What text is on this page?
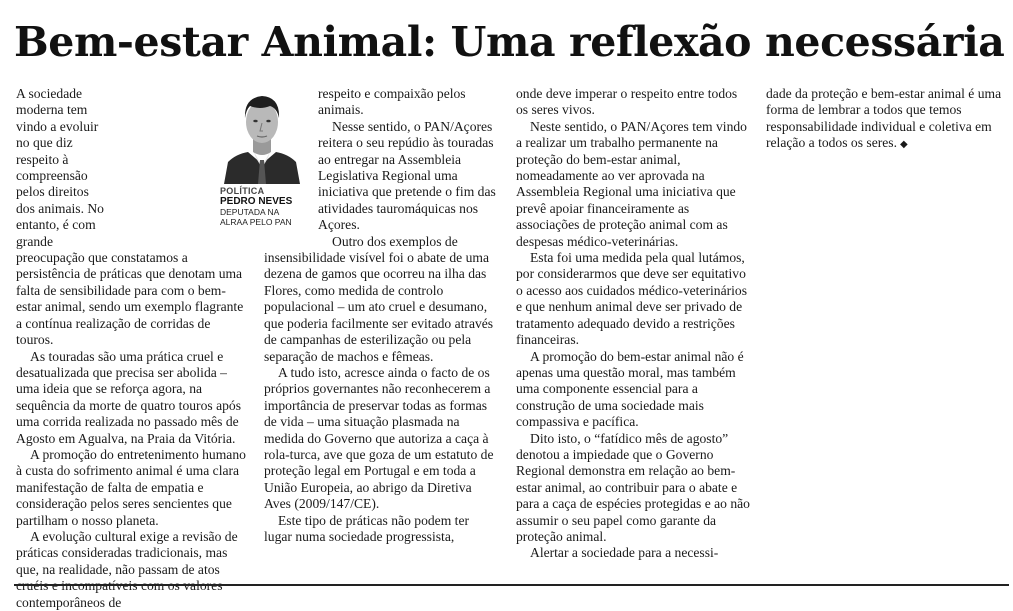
Bem-estar Animal: Uma reflexão necessária

A sociedade moderna tem vindo a evoluir no que diz respeito à compreensão pelos direitos dos animais. No entanto, é com grande preocupação que constatamos a persistência de práticas que denotam uma falta de sensibilidade para com o bem-estar animal, sendo um exemplo flagrante a contínua realização de corridas de touros.

As touradas são uma prática cruel e desatualizada que precisa ser abolida – uma ideia que se reforça agora, na sequência da morte de quatro touros após uma corrida realizada no passado mês de Agosto em Agualva, na Praia da Vitória.

A promoção do entretenimento humano à custa do sofrimento animal é uma clara manifestação de falta de empatia e consideração pelos seres sencientes que partilham o nosso planeta.

A evolução cultural exige a revisão de práticas consideradas tradicionais, mas que, na realidade, não passam de atos contemporâneos de

respeito e compaixão pelos animais.

Nesse sentido, o PAN/Açores reitera o seu repúdio às touradas ao entregar na Assembleia Legislativa Regional uma iniciativa que pretende o fim das atividades tauromáquicas nos Açores.

Outro dos exemplos de insensibilidade visível foi o abate de uma dezena de gamos que ocorreu na ilha das Flores, como medida de controlo populacional – um ato cruel e desumano, que poderia facilmente ser evitado através de campanhas de esterilização ou pela separação de machos e fêmeas.

A tudo isto, acresce ainda o facto de os próprios governantes não reconhecerem a importância de preservar todas as formas de vida – uma situação plasmada na medida do Governo que autoriza a caça à rola-turca, ave que goza de um estatuto de proteção legal em Portugal e em toda a União Europeia, ao abrigo da Diretiva Aves (2009/147/CE).

Este tipo de práticas não podem ter lugar numa sociedade progressista,

onde deve imperar o respeito entre todos os seres vivos.

Neste sentido, o PAN/Açores tem vindo a realizar um trabalho permanente na proteção do bem-estar animal, nomeadamente ao ver aprovada na Assembleia Regional uma iniciativa que prevê apoiar financeiramente as associações de proteção animal com as despesas médico-veterinárias.

Esta foi uma medida pela qual lutámos, por considerarmos que deve ser equitativo o acesso aos cuidados médico-veterinários e que nenhum animal deve ser privado de tratamento adequado devido a restrições financeiras.

A promoção do bem-estar animal não é apenas uma questão moral, mas também uma componente essencial para a construção de uma sociedade mais compassiva e pacífica.

Dito isto, o “fatídico mês de agosto” denotou a impiedade que o Governo Regional demonstra em relação ao bem-estar animal, ao contribuir para o abate e para a caça de espécies protegidas e ao não assumir o seu papel como garante da proteção animal.

Alertar a sociedade para a necessi-

dade da proteção e bem-estar animal é uma forma de lembrar a todos que temos responsabilidade individual e coletiva em relação a todos os seres. ◆

POLÍTICA
PEDRO NEVES
DEPUTADA NA ALRAA PELO PAN
